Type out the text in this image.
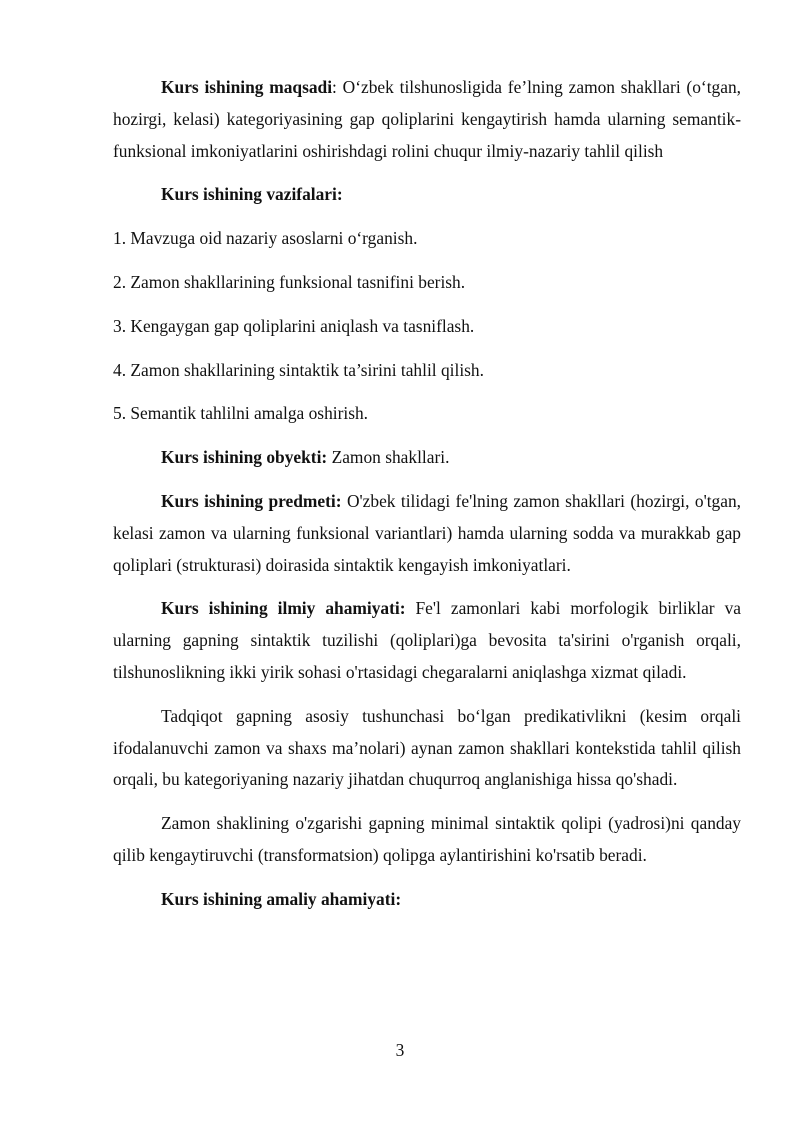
Kurs ishining maqsadi: O‘zbek tilshunosligida fe’lning zamon shakllari (o‘tgan, hozirgi, kelasi) kategoriyasining gap qoliplarini kengaytirish hamda ularning semantik-funksional imkoniyatlarini oshirishdagi rolini chuqur ilmiy-nazariy tahlil qilish

Kurs ishining vazifalari:

1. Mavzuga oid nazariy asoslarni o‘rganish.

2. Zamon shakllarining funksional tasnifini berish.

3. Kengaygan gap qoliplarini aniqlash va tasniflash.

4. Zamon shakllarining sintaktik ta’sirini tahlil qilish.

5. Semantik tahlilni amalga oshirish.

Kurs ishining obyekti: Zamon shakllari.

Kurs ishining predmeti: O'zbek tilidagi fe'lning zamon shakllari (hozirgi, o'tgan, kelasi zamon va ularning funksional variantlari) hamda ularning sodda va murakkab gap qoliplari (strukturasi) doirasida sintaktik kengayish imkoniyatlari.

Kurs ishining ilmiy ahamiyati: Fe'l zamonlari kabi morfologik birliklar va ularning gapning sintaktik tuzilishi (qoliplari)ga bevosita ta'sirini o'rganish orqali, tilshunoslikning ikki yirik sohasi o'rtasidagi chegaralarni aniqlashga xizmat qiladi.

Tadqiqot gapning asosiy tushunchasi bo‘lgan predikativlikni (kesim orqali ifodalanuvchi zamon va shaxs ma’nolari) aynan zamon shakllari kontekstida tahlil qilish orqali, bu kategoriyaning nazariy jihatdan chuqurroq anglanishiga hissa qo'shadi.

Zamon shaklining o'zgarishi gapning minimal sintaktik qolipi (yadrosi)ni qanday qilib kengaytiruvchi (transformatsion) qolipga aylantirishini ko'rsatib beradi.

Kurs ishining amaliy ahamiyati:

3
